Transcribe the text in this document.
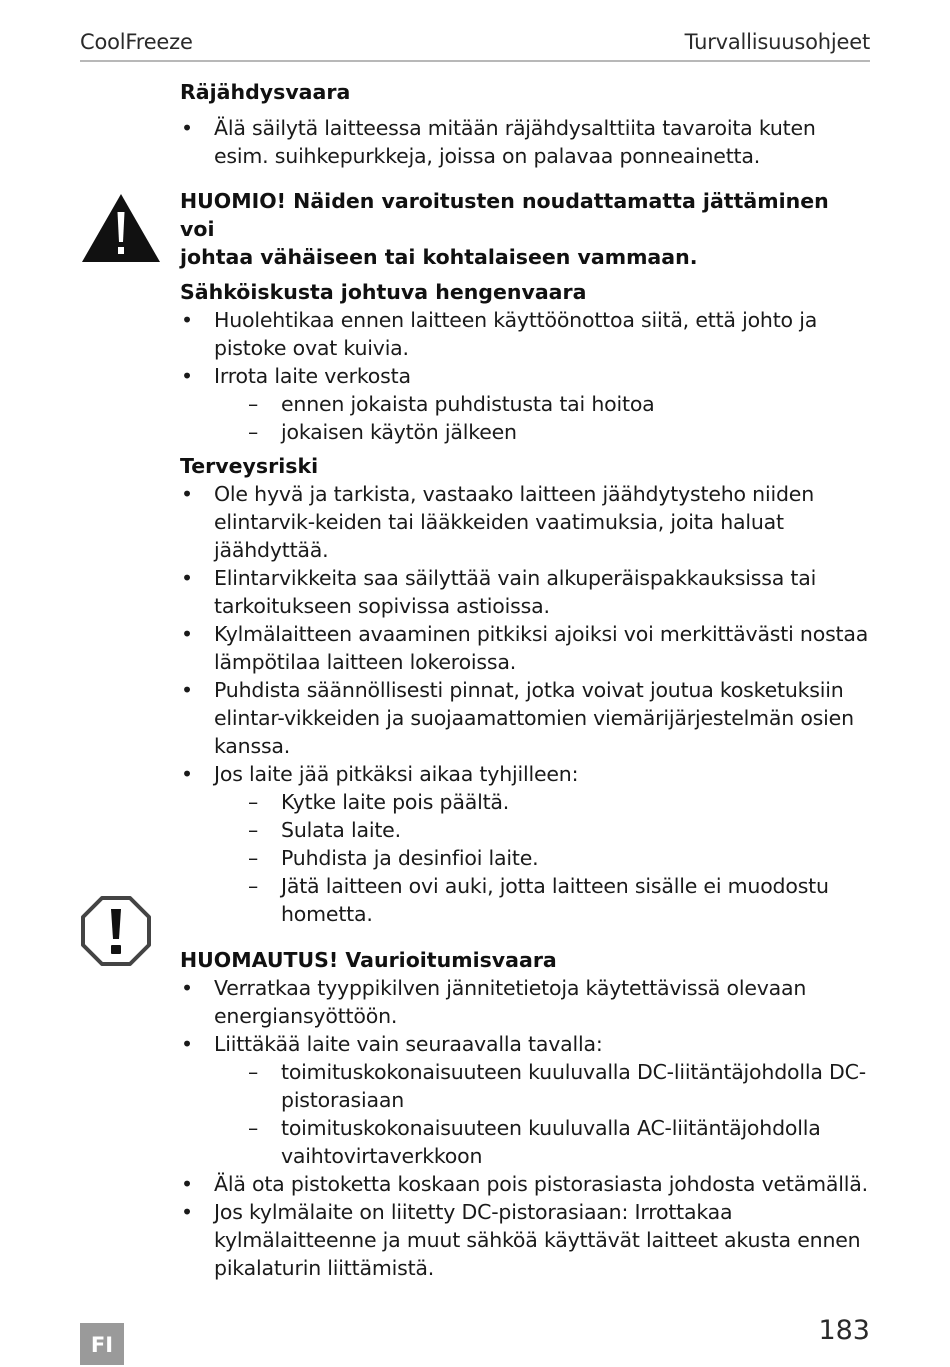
CoolFreeze	Turvallisuusohjeet
Räjähdysvaara
• Älä säilytä laitteessa mitään räjähdysalttiita tavaroita kuten esim. suihkepurkkeja, joissa on palavaa ponneainetta.
HUOMIO! Näiden varoitusten noudattamatta jättäminen voi
johtaa vähäiseen tai kohtalaiseen vammaan.
Sähköiskusta johtuva hengenvaara
• Huolehtikaa ennen laitteen käyttöönottoa siitä, että johto ja pistoke ovat kuivia.
• Irrota laite verkosta
– ennen jokaista puhdistusta tai hoitoa
– jokaisen käytön jälkeen
Terveysriski
• Ole hyvä ja tarkista, vastaako laitteen jäähdytysteho niiden elintarvik-keiden tai lääkkeiden vaatimuksia, joita haluat jäähdyttää.
• Elintarvikkeita saa säilyttää vain alkuperäispakkauksissa tai tarkoitukseen sopivissa astioissa.
• Kylmälaitteen avaaminen pitkiksi ajoiksi voi merkittävästi nostaa lämpötilaa laitteen lokeroissa.
• Puhdista säännöllisesti pinnat, jotka voivat joutua kosketuksiin elintar-vikkeiden ja suojaamattomien viemärijärjestelmän osien kanssa.
• Jos laite jää pitkäksi aikaa tyhjilleen:
– Kytke laite pois päältä.
– Sulata laite.
– Puhdista ja desinfioi laite.
– Jätä laitteen ovi auki, jotta laitteen sisälle ei muodostu hometta.
HUOMAUTUS! Vaurioitumisvaara
• Verratkaa tyyppikilven jännitetietoja käytettävissä olevaan energiansyöttöön.
• Liittäkää laite vain seuraavalla tavalla:
– toimituskokonaisuuteen kuuluvalla DC-liitäntäjohdolla DC-pistorasiaan
– toimituskokonaisuuteen kuuluvalla AC-liitäntäjohdolla vaihtovirtaverkkoon
• Älä ota pistoketta koskaan pois pistorasiasta johdosta vetämällä.
• Jos kylmälaite on liitetty DC-pistorasiaan: Irrottakaa kylmälaitteenne ja muut sähköä käyttävät laitteet akusta ennen pikalaturin liittämistä.
FI	183
